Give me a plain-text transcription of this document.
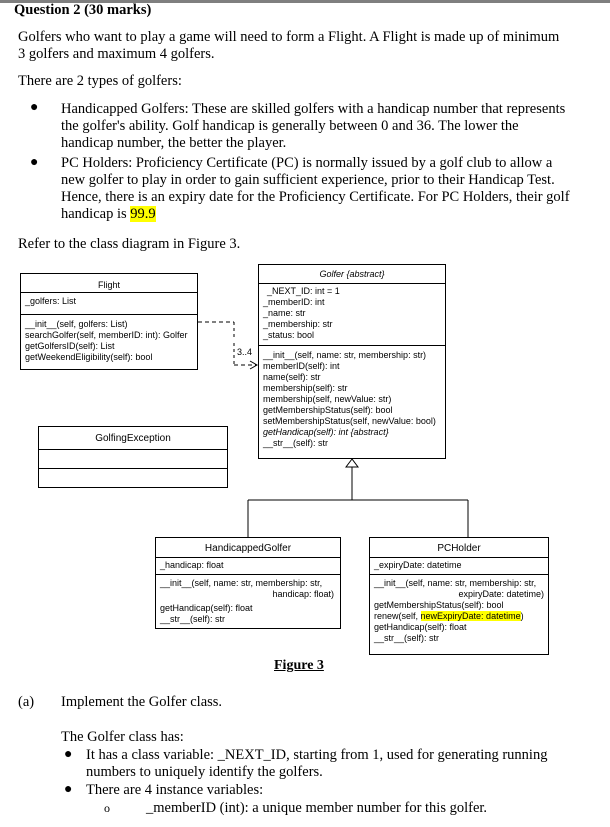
Question 2 (30 marks)
Golfers who want to play a game will need to form a Flight. A Flight is made up of minimum
3 golfers and maximum 4 golfers.
There are 2 types of golfers:
● Handicapped Golfers: These are skilled golfers with a handicap number that represents
the golfer's ability. Golf handicap is generally between 0 and 36. The lower the
handicap number, the better the player.
● PC Holders: Proficiency Certificate (PC) is normally issued by a golf club to allow a
new golfer to play in order to gain sufficient experience, prior to their Handicap Test.
Hence, there is an expiry date for the Proficiency Certificate. For PC Holders, their golf
handicap is 99.9
Refer to the class diagram in Figure 3.
3..4
Flight
_golfers: List
__init__(self, golfers: List)
searchGolfer(self, memberID: int): Golfer
getGolfersID(self): List
getWeekendEligibility(self): bool
GolfingException
Golfer {abstract}
_NEXT_ID: int = 1
_memberID: int
_name: str
_membership: str
_status: bool
__init__(self, name: str, membership: str)
memberID(self): int
name(self): str
membership(self): str
membership(self, newValue: str)
getMembershipStatus(self): bool
setMembershipStatus(self, newValue: bool)
getHandicap(self): int {abstract}
__str__(self): str
HandicappedGolfer
_handicap: float
__init__(self, name: str, membership: str,
handicap: float)
getHandicap(self): float
__str__(self): str
PCHolder
_expiryDate: datetime
__init__(self, name: str, membership: str,
expiryDate: datetime)
getMembershipStatus(self): bool
renew(self, newExpiryDate: datetime)
getHandicap(self): float
__str__(self): str
Figure 3
(a) Implement the Golfer class.
The Golfer class has:
● It has a class variable: _NEXT_ID, starting from 1, used for generating running
numbers to uniquely identify the golfers.
● There are 4 instance variables:
o _memberID (int): a unique member number for this golfer.
